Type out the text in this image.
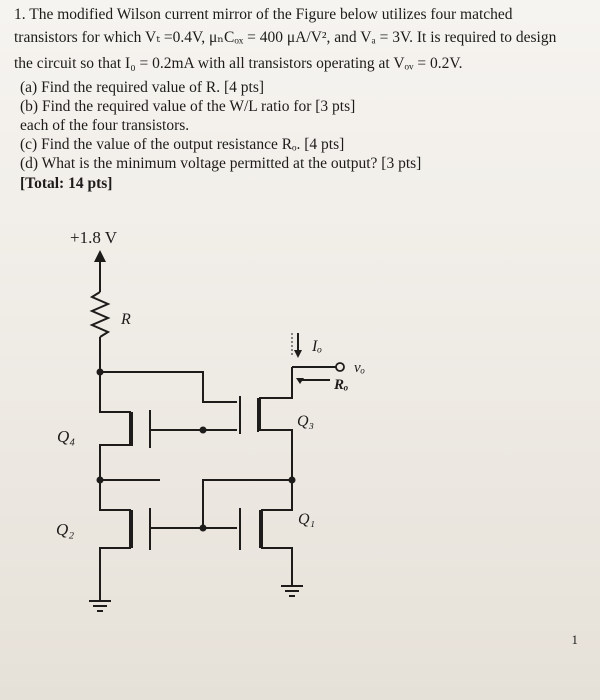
1. The modified Wilson current mirror of the Figure below utilizes four matched
transistors for which Vₜ =0.4V, μₙCₒₓ = 400 μA/V², and Vₐ = 3V. It is required to design
the circuit so that I₀ = 0.2mA with all transistors operating at Vₒᵥ = 0.2V.
(a) Find the required value of R. [4 pts]
(b) Find the required value of the W/L ratio for [3 pts]
each of the four transistors.
(c) Find the value of the output resistance Rₒ. [4 pts]
(d) What is the minimum voltage permitted at the output? [3 pts]
[Total: 14 pts]
+1.8 V
R
Q₄
Q₂
Iₒ
vₒ
Rₒ
Q₃
Q₁
1
